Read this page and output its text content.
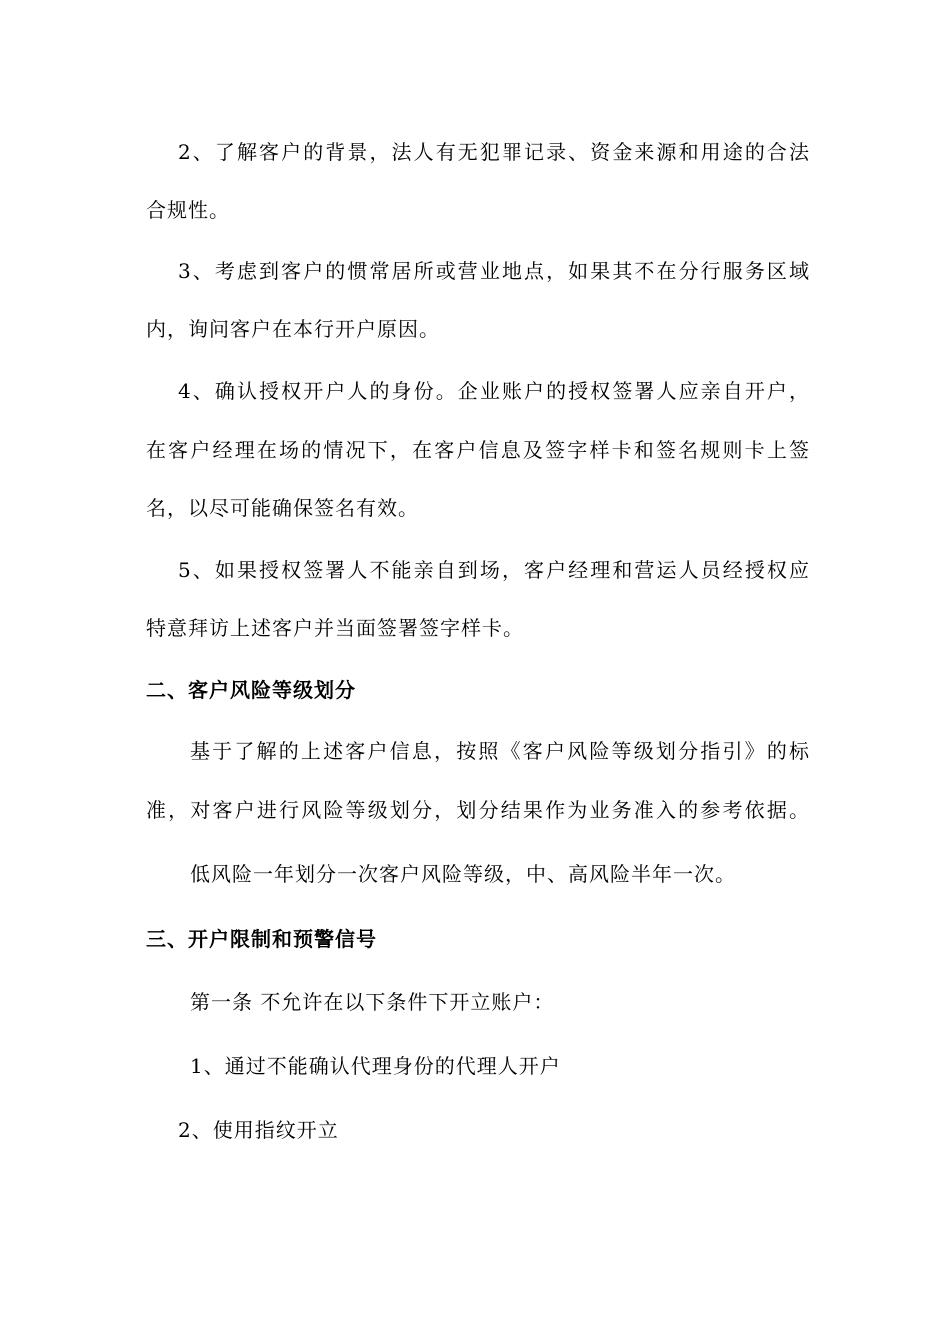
2、了解客户的背景，法人有无犯罪记录、资金来源和用途的合法
合规性。
3、考虑到客户的惯常居所或营业地点，如果其不在分行服务区域
内，询问客户在本行开户原因。
4、确认授权开户人的身份。企业账户的授权签署人应亲自开户，
在客户经理在场的情况下，在客户信息及签字样卡和签名规则卡上签
名，以尽可能确保签名有效。
5、如果授权签署人不能亲自到场，客户经理和营运人员经授权应
特意拜访上述客户并当面签署签字样卡。
二、客户风险等级划分
基于了解的上述客户信息，按照《客户风险等级划分指引》的标
准，对客户进行风险等级划分，划分结果作为业务准入的参考依据。
低风险一年划分一次客户风险等级，中、高风险半年一次。
三、开户限制和预警信号
第一条 不允许在以下条件下开立账户：
1、通过不能确认代理身份的代理人开户
2、使用指纹开立
